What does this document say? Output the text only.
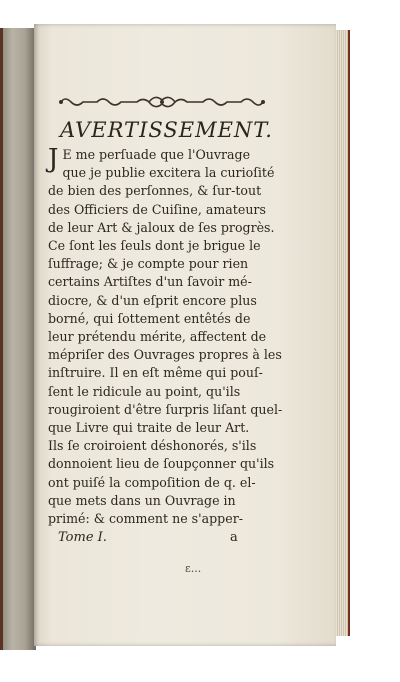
AVERTISSEMENT.
J E me perſuade que l'Ouvrage
que je publie excitera la curioſité
de bien des perſonnes, & ſur-tout
des Officiers de Cuiſine, amateurs
de leur Art & jaloux de ſes progrès.
Ce ſont les ſeuls dont je brigue le
ſuffrage; & je compte pour rien
certains Artiſtes d'un ſavoir mé-
diocre, & d'un eſprit encore plus
borné, qui ſottement entêtés de
leur prétendu mérite, affectent de
mépriſer des Ouvrages propres à les
inſtruire. Il en eſt même qui pouſ-
ſent le ridicule au point, qu'ils
rougiroient d'être ſurpris liſant quel-
que Livre qui traite de leur Art.
Ils ſe croiroient déshonorés, s'ils
donnoient lieu de ſoupçonner qu'ils
ont puiſé la compoſition de q. el-
que mets dans un Ouvrage in
primé: & comment ne s'apper-
Tome I.	a
ε...
